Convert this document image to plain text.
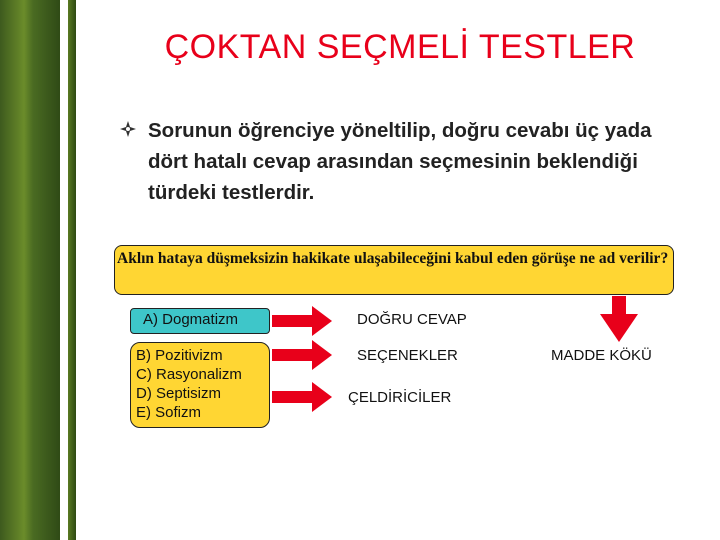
ÇOKTAN SEÇMELİ TESTLER
Sorunun öğrenciye yöneltilip, doğru cevabı üç yada dört hatalı cevap arasından seçmesinin beklendiği türdeki testlerdir.
Aklın hataya düşmeksizin hakikate ulaşabileceğini kabul eden görüşe ne ad verilir?
A) Dogmatizm
B) Pozitivizm
C) Rasyonalizm
D) Septisizm
E) Sofizm
DOĞRU CEVAP
SEÇENEKLER
ÇELDİRİCİLER
MADDE KÖKÜ
